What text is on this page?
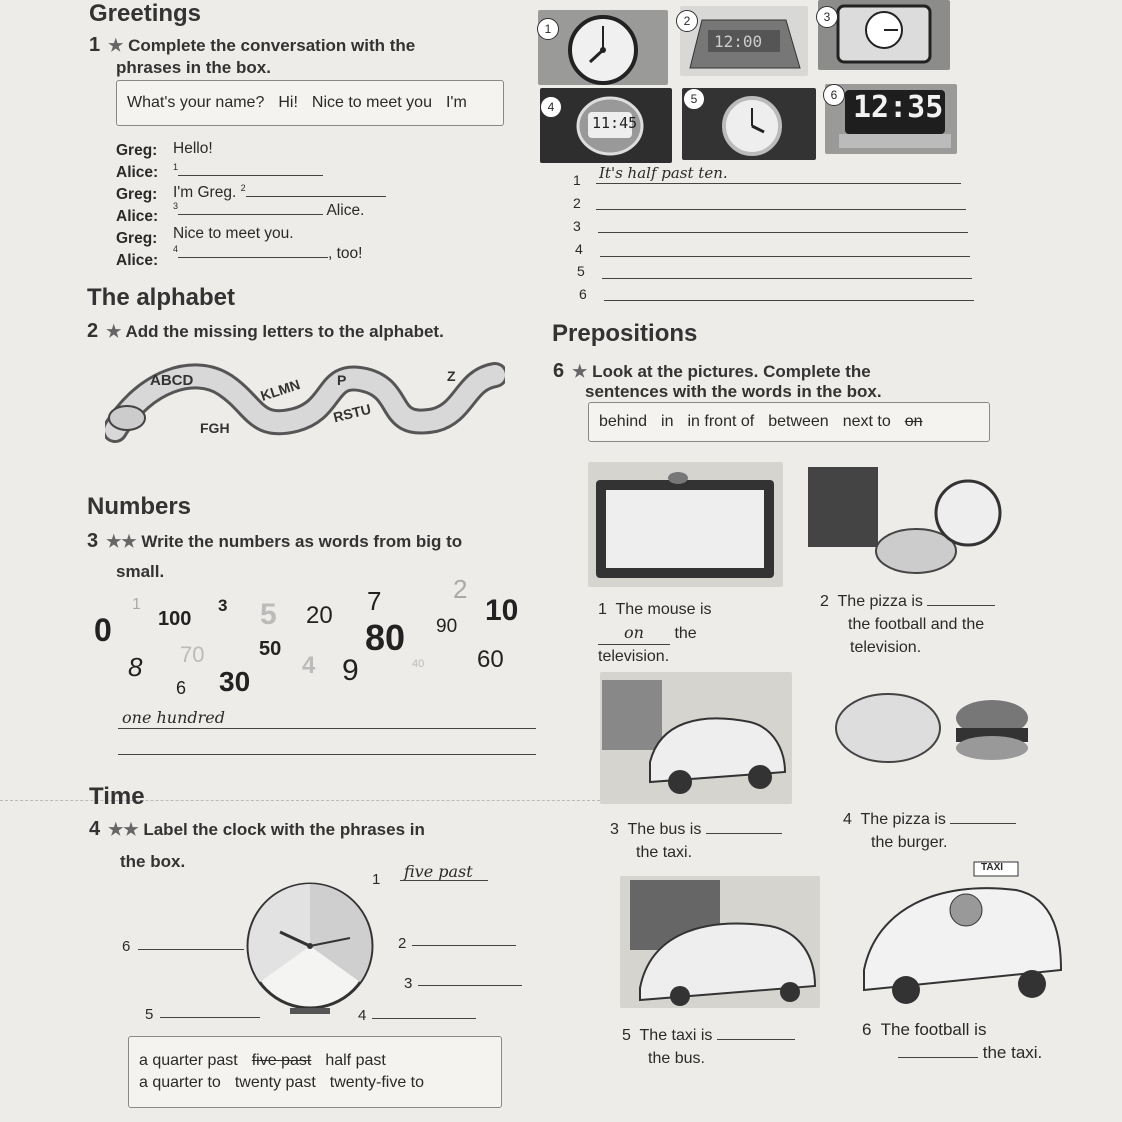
Greetings
1 ★ Complete the conversation with the
phrases in the box.
What's your name? Hi! Nice to meet you I'm
Greg: Hello!
Alice: $^1$
Greg: I'm Greg. $^2$
Alice:
$^3$	Alice.
Greg: Nice to meet you.
Alice:
$^4$	, too!
12:00
11:45	12:35
1
2	3
4
5	6
1 It's half past ten.
2
3
4
5
6
The alphabet
2 ★ Add the missing letters to the alphabet.
ABCD
FGH
KLMN	P
RSTU
Z
Numbers
3 ★★ Write the numbers as words from big to
small.
0
1
100
3 5 20 7
80
2
90 10
8 70	50
4 9	40 60
6 30
one hundred
Time
4 ★★ Label the clock with the phrases in
the box.
1 five past
2
3
4
5
6
a quarter past five past half past
a quarter to twenty past twenty-five to
Prepositions
6 ★ Look at the pictures. Complete the
sentences with the words in the box.
behind in in front of between next to on
1 The mouse is
on the
television.
2 The pizza is
the football and the
television.
3 The bus is
the taxi.
4 The pizza is
the burger.
5 The taxi is
the bus.
TAXI
6 The football is
the taxi.
